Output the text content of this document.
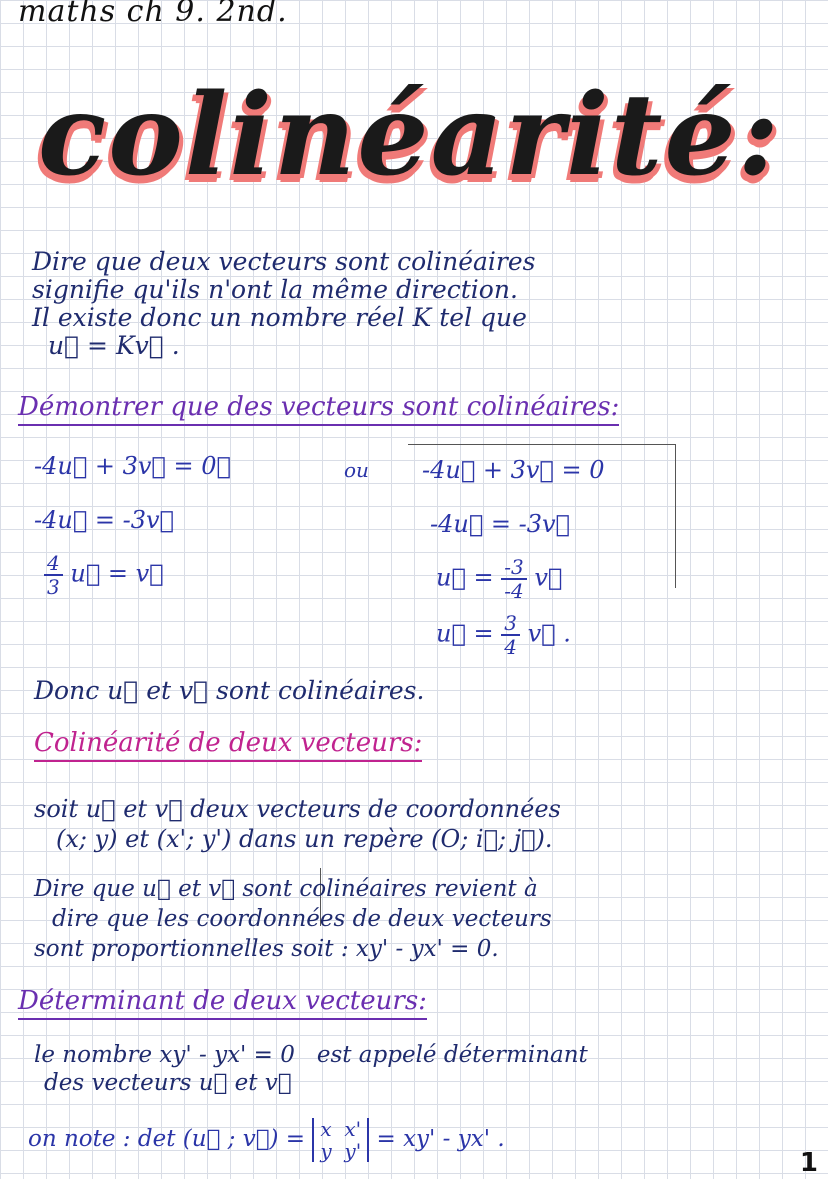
maths ch 9. 2nd.
colinéarité:
Dire que deux vecteurs sont colinéaires
signifie qu'ils n'ont la même direction.
Il existe donc un nombre réel K tel que
u⃗ = Kv⃗ .
Démontrer que des vecteurs sont colinéaires:
-4u⃗ + 3v⃗ = 0⃗
-4u⃗ = -3v⃗
$\frac{4}{3}$ u⃗ = v⃗
ou -4u⃗ + 3v⃗ = 0
-4u⃗ = -3v⃗
u⃗ = $\frac{-3}{-4}$ v⃗
u⃗ = $\frac{3}{4}$ v⃗ .
Donc u⃗ et v⃗ sont colinéaires.
Colinéarité de deux vecteurs:
soit u⃗ et v⃗ deux vecteurs de coordonnées
(x; y) et (x'; y') dans un repère (O; i⃗; j⃗).
Dire que u⃗ et v⃗ sont colinéaires revient à
dire que les coordonnées de deux vecteurs
sont proportionnelles soit : xy' - yx' = 0.
Déterminant de deux vecteurs:
le nombre xy' - yx' = 0 est appelé déterminant
des vecteurs u⃗ et v⃗
on note : det (u⃗ ; v⃗) = x  x'
y  y' = xy' - yx' .
1
